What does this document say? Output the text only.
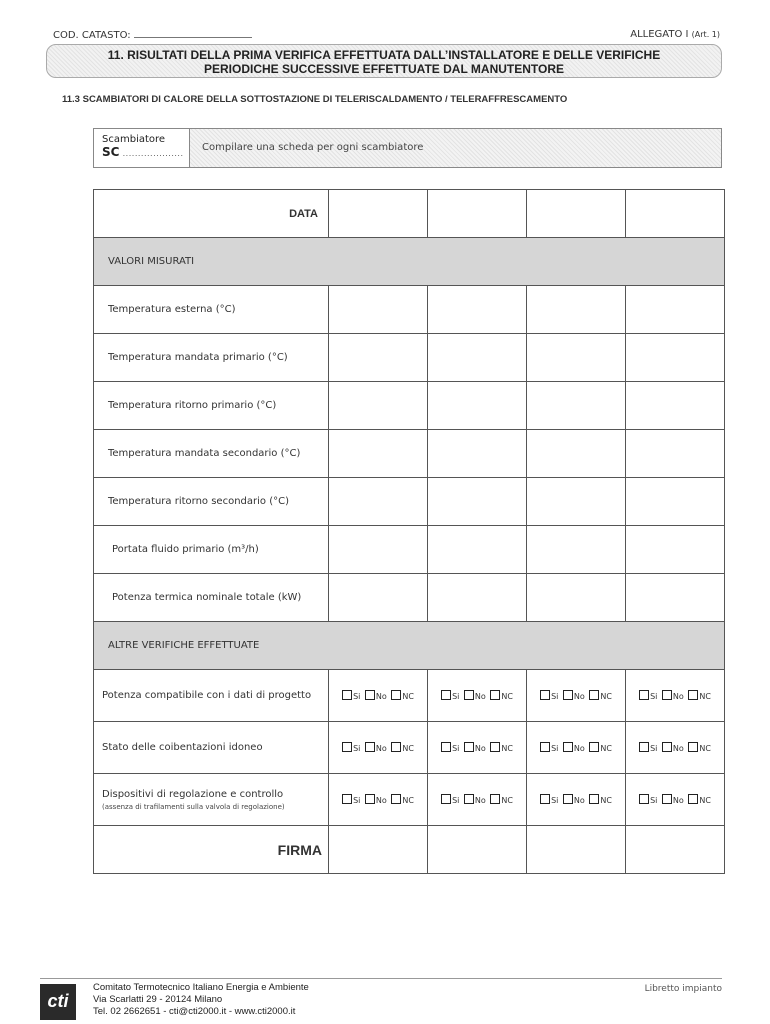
COD. CATASTO:	ALLEGATO I (Art. 1)
11. RISULTATI DELLA PRIMA VERIFICA EFFETTUATA DALL’INSTALLATORE E DELLE VERIFICHE
PERIODICHE SUCCESSIVE EFFETTUATE DAL MANUTENTORE
11.3 SCAMBIATORI DI CALORE DELLA SOTTOSTAZIONE DI TELERISCALDAMENTO / TELERAFFRESCAMENTO
Scambiatore
SC ....................
Compilare una scheda per ogni scambiatore
DATA				
VALORI MISURATI				
Temperatura esterna (°C)				
Temperatura mandata primario (°C)				
Temperatura ritorno primario (°C)				
Temperatura mandata secondario (°C)				
Temperatura ritorno secondario (°C)				
Portata fluido primario (m³/h)				
Potenza termica nominale totale (kW)				
ALTRE VERIFICHE EFFETTUATE				
Potenza compatibile con i dati di progetto	Si No NC	Si No NC	Si No NC	Si No NC
Stato delle coibentazioni idoneo	Si No NC	Si No NC	Si No NC	Si No NC
Dispositivi di regolazione e controllo
(assenza di trafilamenti sulla valvola di regolazione)	Si No NC	Si No NC	Si No NC	Si No NC
FIRMA				
cti
Comitato Termotecnico Italiano Energia e Ambiente
Via Scarlatti 29 - 20124 Milano
Tel. 02 2662651 - cti@cti2000.it - www.cti2000.it
Libretto impianto
